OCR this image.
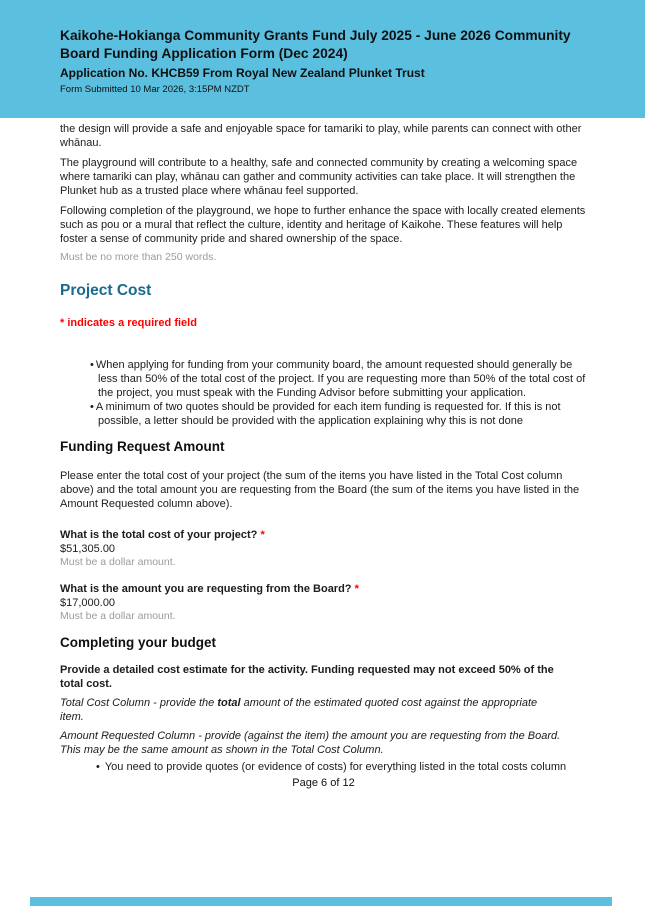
Kaikohe-Hokianga Community Grants Fund July 2025 - June 2026 Community Board Funding Application Form (Dec 2024)
Application No. KHCB59 From Royal New Zealand Plunket Trust
Form Submitted 10 Mar 2026, 3:15PM NZDT

the design will provide a safe and enjoyable space for tamariki to play, while parents can connect with other whānau.

The playground will contribute to a healthy, safe and connected community by creating a welcoming space where tamariki can play, whānau can gather and community activities can take place. It will strengthen the Plunket hub as a trusted place where whānau feel supported.

Following completion of the playground, we hope to further enhance the space with locally created elements such as pou or a mural that reflect the culture, identity and heritage of Kaikohe. These features will help foster a sense of community pride and shared ownership of the space.

Must be no more than 250 words.
Project Cost
* indicates a required field
• When applying for funding from your community board, the amount requested should generally be less than 50% of the total cost of the project. If you are requesting more than 50% of the total cost of the project, you must speak with the Funding Advisor before submitting your application.
• A minimum of two quotes should be provided for each item funding is requested for. If this is not possible, a letter should be provided with the application explaining why this is not done
Funding Request Amount

Please enter the total cost of your project (the sum of the items you have listed in the Total Cost column above) and the total amount you are requesting from the Board (the sum of the items you have listed in the Amount Requested column above).

What is the total cost of your project? *
$51,305.00
Must be a dollar amount.
What is the amount you are requesting from the Board? *
$17,000.00
Must be a dollar amount.
Completing your budget

Provide a detailed cost estimate for the activity. Funding requested may not exceed 50% of the total cost.

Total Cost Column - provide the total amount of the estimated quoted cost against the appropriate item.

Amount Requested Column - provide (against the item) the amount you are requesting from the Board. This may be the same amount as shown in the Total Cost Column.

• You need to provide quotes (or evidence of costs) for everything listed in the total costs column
Page 6 of 12
